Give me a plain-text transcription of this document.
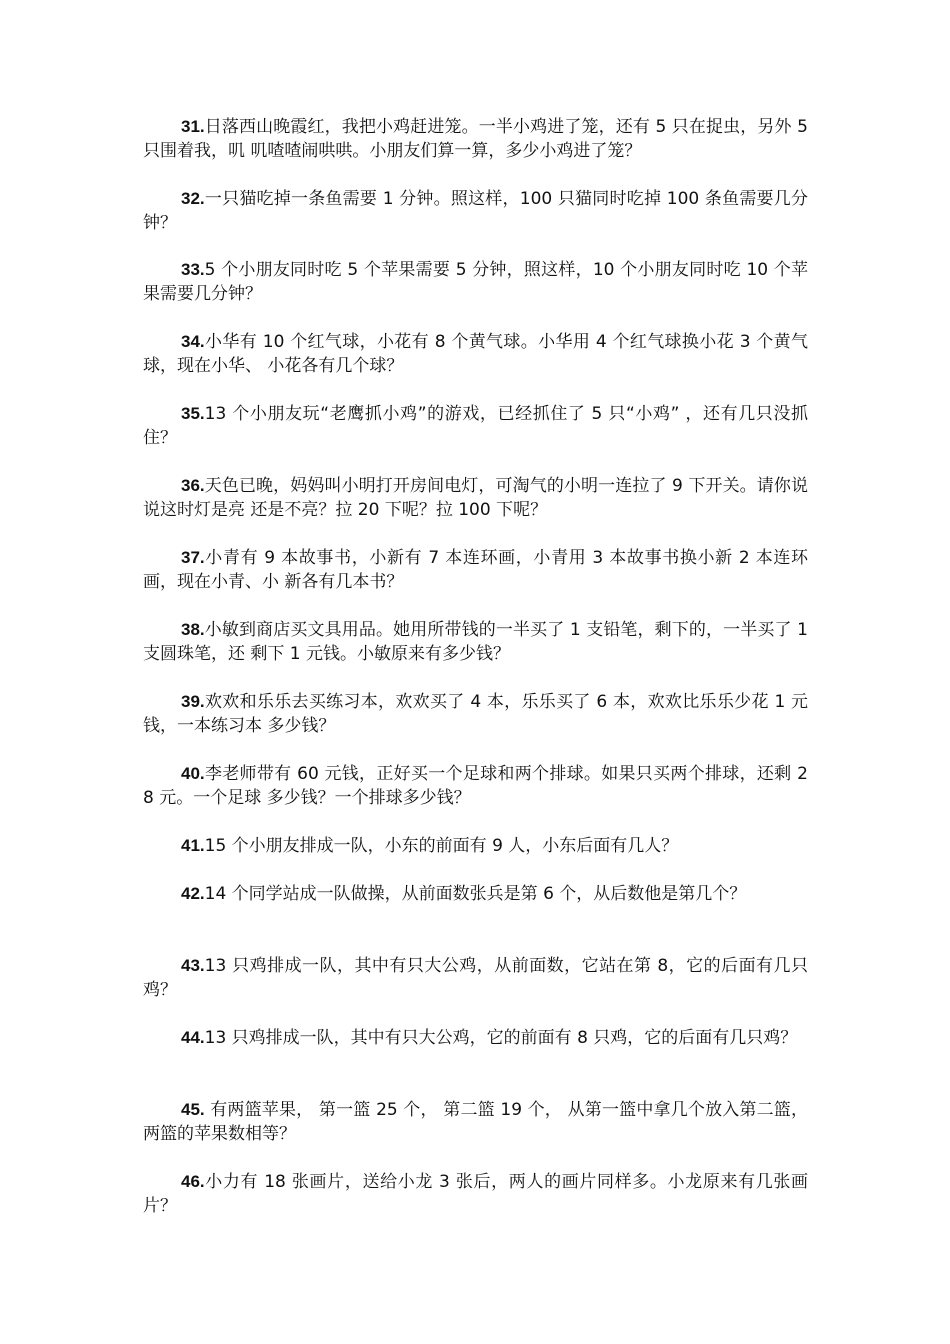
31.日落西山晚霞红，我把小鸡赶进笼。一半小鸡进了笼，还有 5 只在捉虫，另外 5 只围着我，叽 叽喳喳闹哄哄。小朋友们算一算，多少小鸡进了笼？

32.一只猫吃掉一条鱼需要 1 分钟。照这样，100 只猫同时吃掉 100 条鱼需要几分钟？

33.5 个小朋友同时吃 5 个苹果需要 5 分钟，照这样，10 个小朋友同时吃 10 个苹果需要几分钟？

34.小华有 10 个红气球，小花有 8 个黄气球。小华用 4 个红气球换小花 3 个黄气球，现在小华、 小花各有几个球？

35.13 个小朋友玩“老鹰抓小鸡”的游戏，已经抓住了 5 只“小鸡” ，还有几只没抓住？

36.天色已晚，妈妈叫小明打开房间电灯，可淘气的小明一连拉了 9 下开关。请你说说这时灯是亮 还是不亮？拉 20 下呢？拉 100 下呢？

37.小青有 9 本故事书，小新有 7 本连环画，小青用 3 本故事书换小新 2 本连环画，现在小青、小 新各有几本书？

38.小敏到商店买文具用品。她用所带钱的一半买了 1 支铅笔，剩下的，一半买了 1 支圆珠笔，还 剩下 1 元钱。小敏原来有多少钱？

39.欢欢和乐乐去买练习本，欢欢买了 4 本，乐乐买了 6 本，欢欢比乐乐少花 1 元钱，一本练习本 多少钱？

40.李老师带有 60 元钱，正好买一个足球和两个排球。如果只买两个排球，还剩 28 元。一个足球 多少钱？一个排球多少钱？

41.15 个小朋友排成一队，小东的前面有 9 人，小东后面有几人？

42.14 个同学站成一队做操，从前面数张兵是第 6 个，从后数他是第几个？

43.13 只鸡排成一队，其中有只大公鸡，从前面数，它站在第 8，它的后面有几只鸡？

44.13 只鸡排成一队，其中有只大公鸡，它的前面有 8 只鸡，它的后面有几只鸡？

45. 有两篮苹果， 第一篮 25 个， 第二篮 19 个， 从第一篮中拿几个放入第二篮， 两篮的苹果数相等？

46.小力有 18 张画片，送给小龙 3 张后，两人的画片同样多。小龙原来有几张画片？
